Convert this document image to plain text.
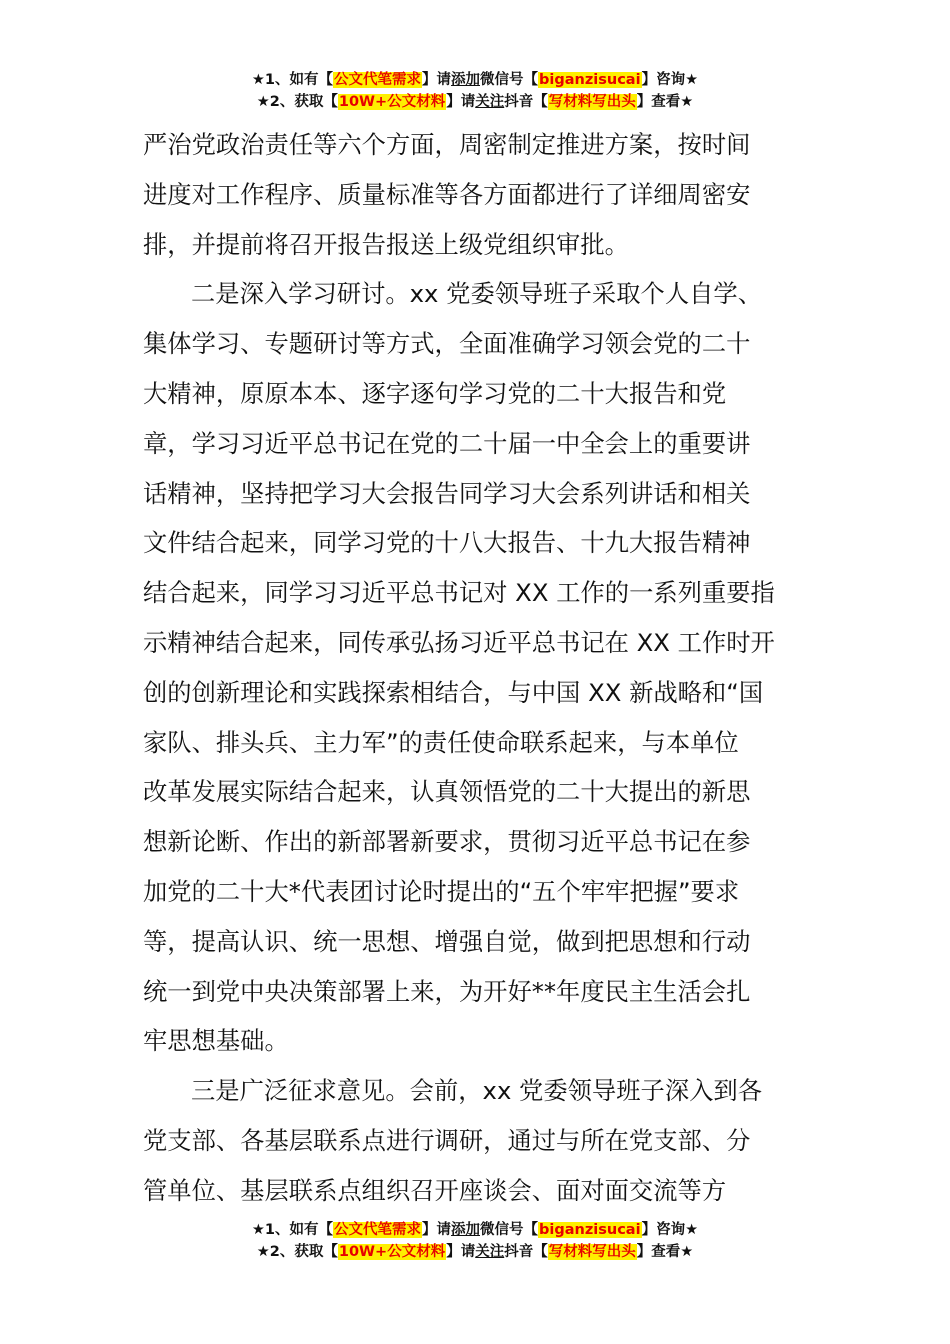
★1、如有【公文代笔需求】请添加微信号【biganzisucai】咨询★
★2、获取【10W+公文材料】请关注抖音【写材料写出头】查看★
严治党政治责任等六个方面，周密制定推进方案，按时间
进度对工作程序、质量标准等各方面都进行了详细周密安
排，并提前将召开报告报送上级党组织审批。
二是深入学习研讨。xx 党委领导班子采取个人自学、
集体学习、专题研讨等方式，全面准确学习领会党的二十
大精神，原原本本、逐字逐句学习党的二十大报告和党
章，学习习近平总书记在党的二十届一中全会上的重要讲
话精神，坚持把学习大会报告同学习大会系列讲话和相关
文件结合起来，同学习党的十八大报告、十九大报告精神
结合起来，同学习习近平总书记对 XX 工作的一系列重要指
示精神结合起来，同传承弘扬习近平总书记在 XX 工作时开
创的创新理论和实践探索相结合，与中国 XX 新战略和“国
家队、排头兵、主力军”的责任使命联系起来，与本单位
改革发展实际结合起来，认真领悟党的二十大提出的新思
想新论断、作出的新部署新要求，贯彻习近平总书记在参
加党的二十大*代表团讨论时提出的“五个牢牢把握”要求
等，提高认识、统一思想、增强自觉，做到把思想和行动
统一到党中央决策部署上来，为开好**年度民主生活会扎
牢思想基础。
三是广泛征求意见。会前，xx 党委领导班子深入到各
党支部、各基层联系点进行调研，通过与所在党支部、分
管单位、基层联系点组织召开座谈会、面对面交流等方
★1、如有【公文代笔需求】请添加微信号【biganzisucai】咨询★
★2、获取【10W+公文材料】请关注抖音【写材料写出头】查看★
